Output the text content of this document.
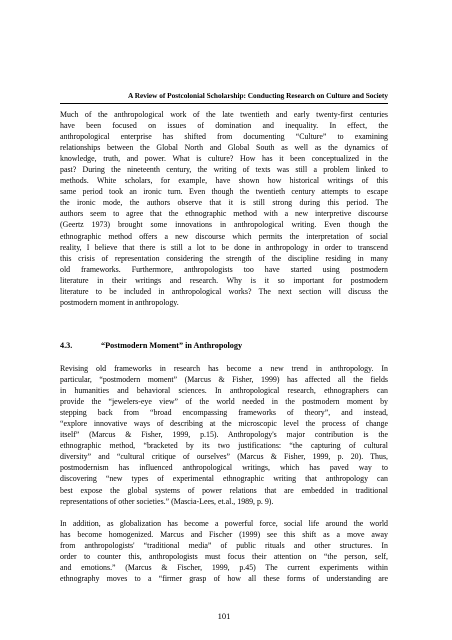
A Review of Postcolonial Scholarship: Conducting Research on Culture and Society
Much of the anthropological work of the late twentieth and early twenty-first centuries
have been focused on issues of domination and inequality. In effect, the
anthropological enterprise has shifted from documenting “Culture” to examining
relationships between the Global North and Global South as well as the dynamics of
knowledge, truth, and power. What is culture? How has it been conceptualized in the
past? During the nineteenth century, the writing of texts was still a problem linked to
methods. White scholars, for example, have shown how historical writings of this
same period took an ironic turn. Even though the twentieth century attempts to escape
the ironic mode, the authors observe that it is still strong during this period. The
authors seem to agree that the ethnographic method with a new interpretive discourse
(Geertz 1973) brought some innovations in anthropological writing. Even though the
ethnographic method offers a new discourse which permits the interpretation of social
reality, I believe that there is still a lot to be done in anthropology in order to transcend
this crisis of representation considering the strength of the discipline residing in many
old frameworks. Furthermore, anthropologists too have started using postmodern
literature in their writings and research. Why is it so important for postmodern
literature to be included in anthropological works? The next section will discuss the
postmodern moment in anthropology.
4.3.	“Postmodern Moment” in Anthropology
Revising old frameworks in research has become a new trend in anthropology. In
particular, “postmodern moment” (Marcus & Fisher, 1999) has affected all the fields
in humanities and behavioral sciences. In anthropological research, ethnographers can
provide the “jewelers-eye view” of the world needed in the postmodern moment by
stepping back from “broad encompassing frameworks of theory”, and instead,
“explore innovative ways of describing at the microscopic level the process of change
itself” (Marcus & Fisher, 1999, p.15). Anthropology's major contribution is the
ethnographic method, “bracketed by its two justifications: “the capturing of cultural
diversity” and “cultural critique of ourselves” (Marcus & Fisher, 1999, p. 20). Thus,
postmodernism has influenced anthropological writings, which has paved way to
discovering “new types of experimental ethnographic writing that anthropology can
best expose the global systems of power relations that are embedded in traditional
representations of other societies.” (Mascia-Lees, et.al., 1989, p. 9).
In addition, as globalization has become a powerful force, social life around the world
has become homogenized. Marcus and Fischer (1999) see this shift as a move away
from anthropologists' “traditional media” of public rituals and other structures. In
order to counter this, anthropologists must focus their attention on “the person, self,
and emotions.” (Marcus & Fischer, 1999, p.45) The current experiments within
ethnography moves to a “firmer grasp of how all these forms of understanding are
101
